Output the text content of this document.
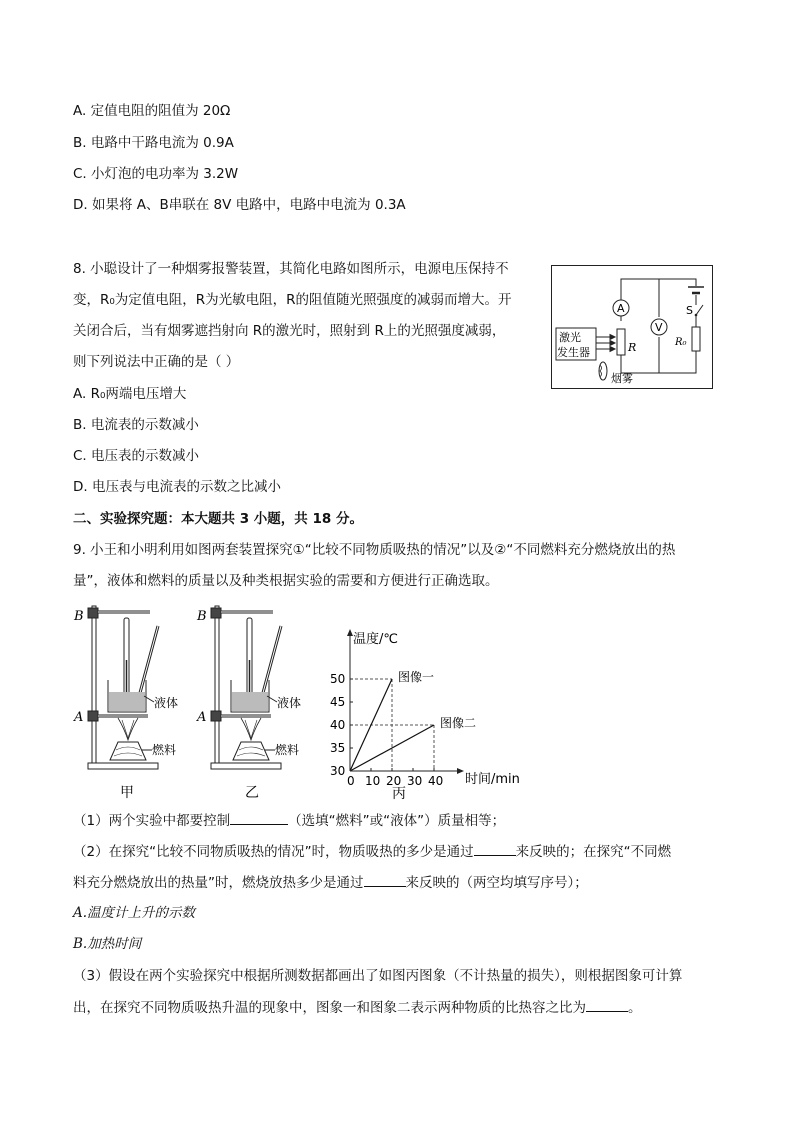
A. 定值电阻的阻值为 20Ω
B. 电路中干路电流为 0.9A
C. 小灯泡的电功率为 3.2W
D. 如果将 A、B串联在 8V 电路中，电路中电流为 0.3A
8. 小聪设计了一种烟雾报警装置，其简化电路如图所示，电源电压保持不
变，R₀为定值电阻，R为光敏电阻，R的阻值随光照强度的减弱而增大。开
关闭合后，当有烟雾遮挡射向 R的激光时，照射到 R上的光照强度减弱，
则下列说法中正确的是（ ）
A. R₀两端电压增大
B. 电流表的示数减小
C. 电压表的示数减小
D. 电压表与电流表的示数之比减小
S
A
V
R	R₀
激光
发生器
烟雾
二、实验探究题：本大题共 3 小题，共 18 分。
9. 小王和小明利用如图两套装置探究①“比较不同物质吸热的情况”以及②“不同燃料充分燃烧放出的热
量”，液体和燃料的质量以及种类根据实验的需要和方便进行正确选取。
B
A
液体
燃料
甲
B
A
液体
燃料
乙
图像一
图像二
0 10 20 30 40
30
35
40
45
50
温度/℃
时间/min
丙
（1）两个实验中都要控制	（选填“燃料”或“液体”）质量相等；
（2）在探究“比较不同物质吸热的情况”时，物质吸热的多少是通过	来反映的；在探究“不同燃
料充分燃烧放出的热量”时，燃烧放热多少是通过	来反映的（两空均填写序号）；
A.温度计上升的示数
B.加热时间
（3）假设在两个实验探究中根据所测数据都画出了如图丙图象（不计热量的损失），则根据图象可计算
出，在探究不同物质吸热升温的现象中，图象一和图象二表示两种物质的比热容之比为	。
